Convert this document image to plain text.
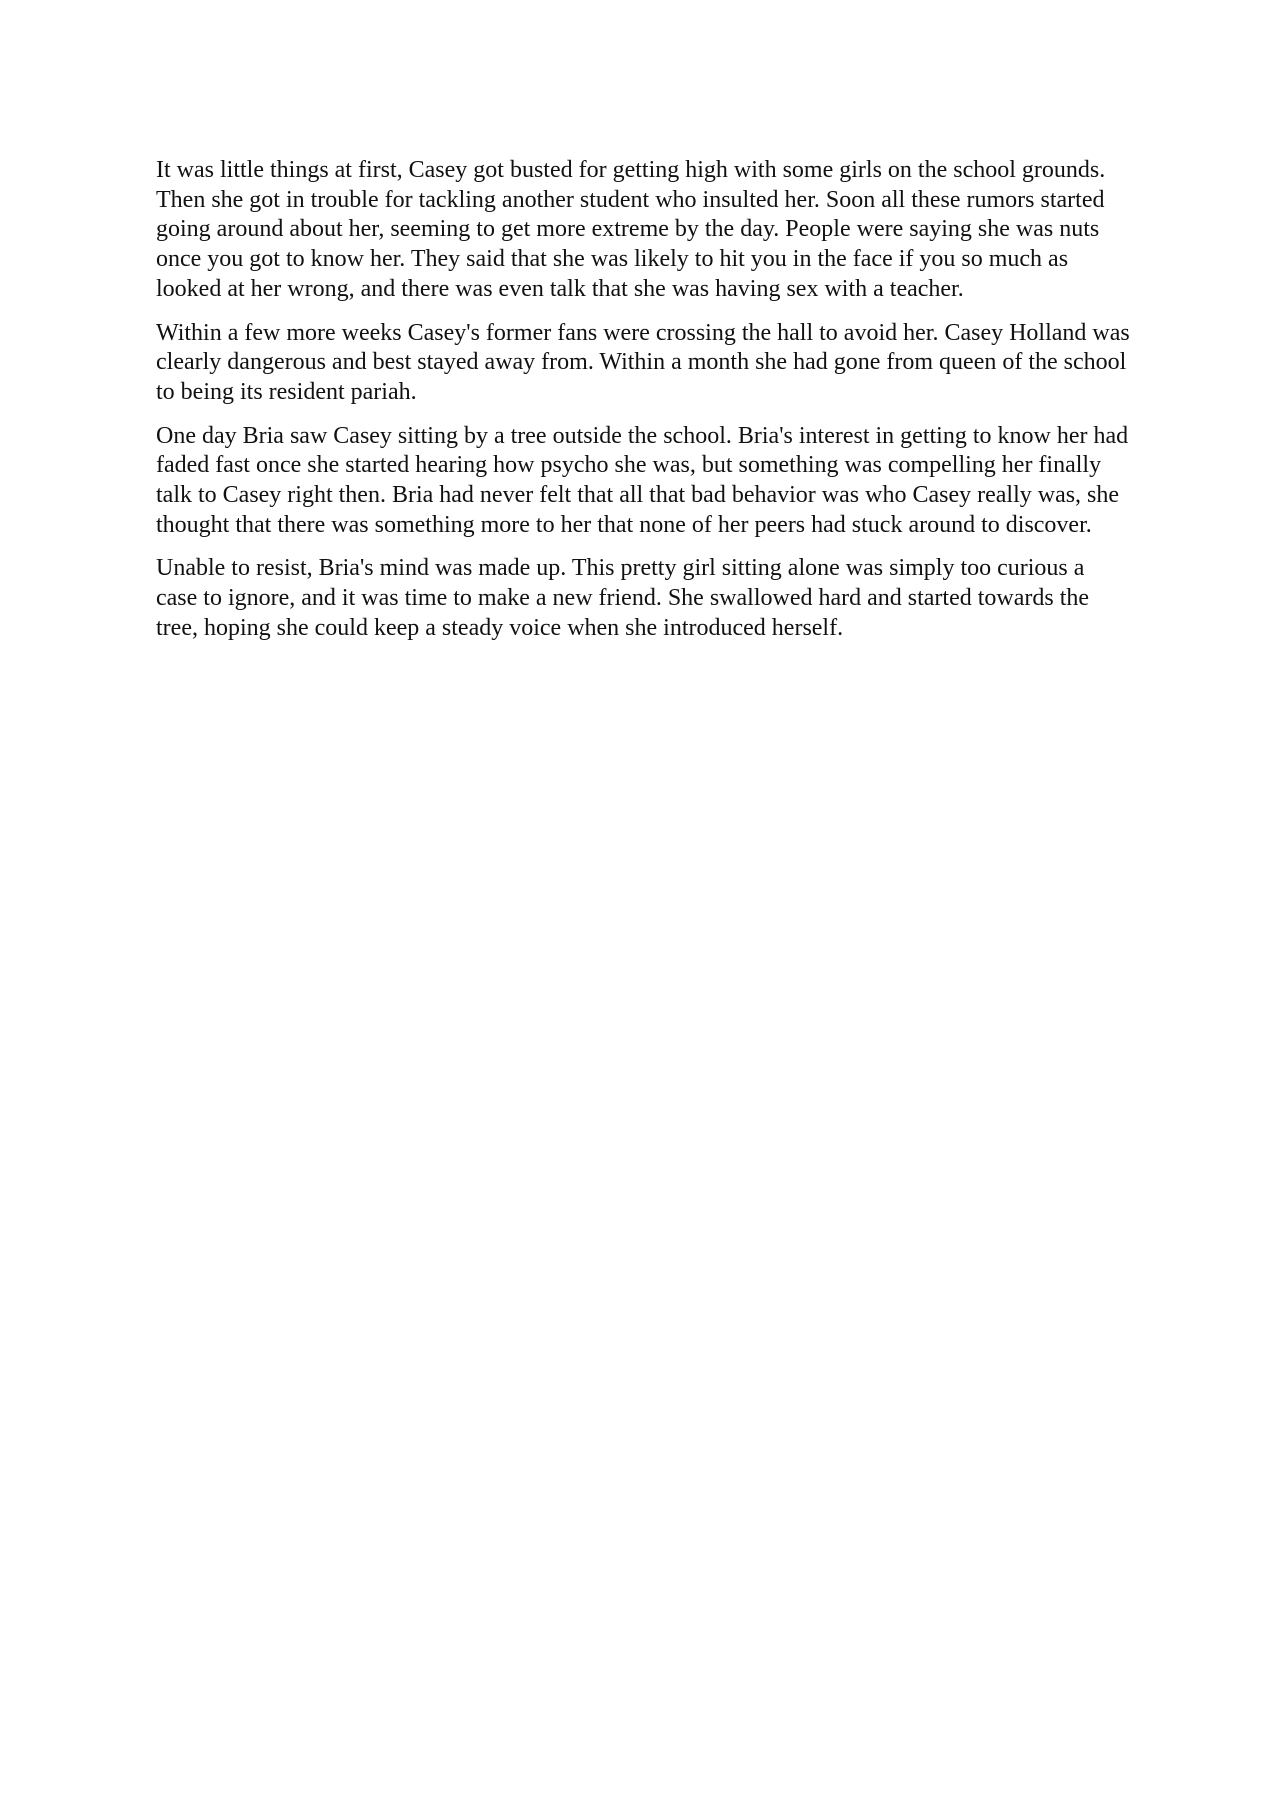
It was little things at first, Casey got busted for getting high with some girls on the school grounds. Then she got in trouble for tackling another student who insulted her. Soon all these rumors started going around about her, seeming to get more extreme by the day. People were saying she was nuts once you got to know her. They said that she was likely to hit you in the face if you so much as looked at her wrong, and there was even talk that she was having sex with a teacher.

Within a few more weeks Casey's former fans were crossing the hall to avoid her. Casey Holland was clearly dangerous and best stayed away from. Within a month she had gone from queen of the school to being its resident pariah.

One day Bria saw Casey sitting by a tree outside the school. Bria's interest in getting to know her had faded fast once she started hearing how psycho she was, but something was compelling her finally talk to Casey right then. Bria had never felt that all that bad behavior was who Casey really was, she thought that there was something more to her that none of her peers had stuck around to discover.

Unable to resist, Bria's mind was made up. This pretty girl sitting alone was simply too curious a case to ignore, and it was time to make a new friend. She swallowed hard and started towards the tree, hoping she could keep a steady voice when she introduced herself.
